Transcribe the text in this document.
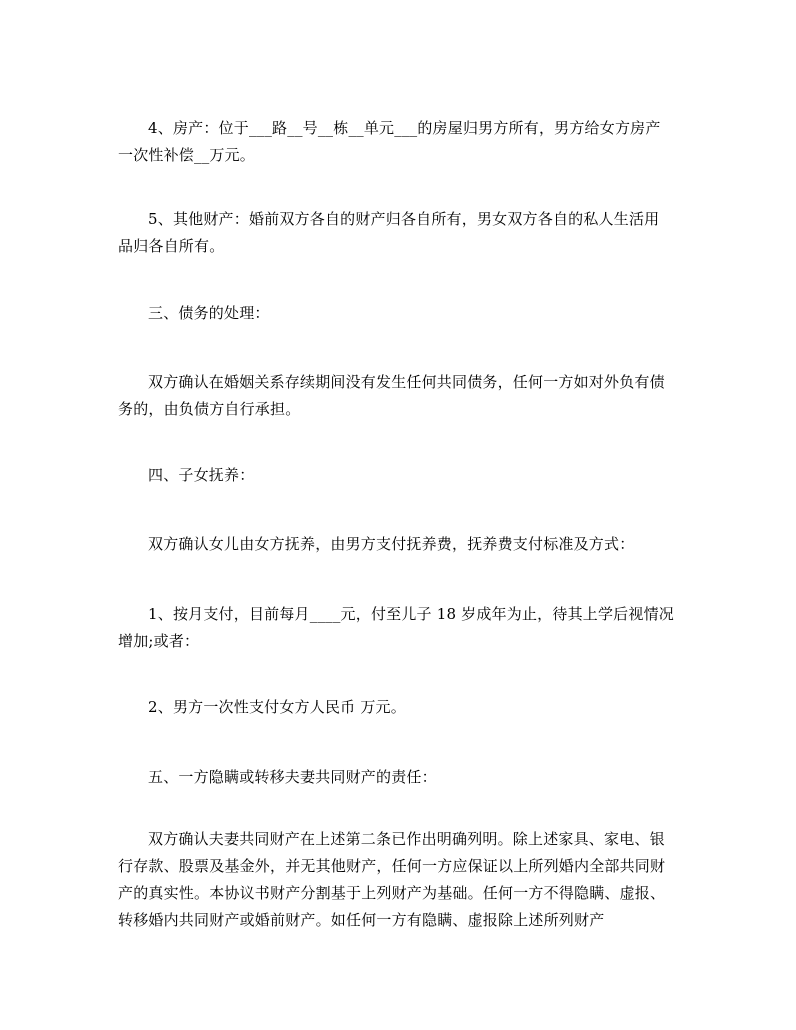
4、房产：位于___路__号__栋__单元___的房屋归男方所有，男方给女方房产一次性补偿__万元。

5、其他财产：婚前双方各自的财产归各自所有，男女双方各自的私人生活用品归各自所有。

三、债务的处理：

双方确认在婚姻关系存续期间没有发生任何共同债务，任何一方如对外负有债务的，由负债方自行承担。

四、子女抚养：

双方确认女儿由女方抚养，由男方支付抚养费，抚养费支付标准及方式：

1、按月支付，目前每月____元，付至儿子 18 岁成年为止，待其上学后视情况增加;或者：

2、男方一次性支付女方人民币 万元。

五、一方隐瞒或转移夫妻共同财产的责任：

双方确认夫妻共同财产在上述第二条已作出明确列明。除上述家具、家电、银行存款、股票及基金外，并无其他财产，任何一方应保证以上所列婚内全部共同财产的真实性。本协议书财产分割基于上列财产为基础。任何一方不得隐瞒、虚报、转移婚内共同财产或婚前财产。如任何一方有隐瞒、虚报除上述所列财产
